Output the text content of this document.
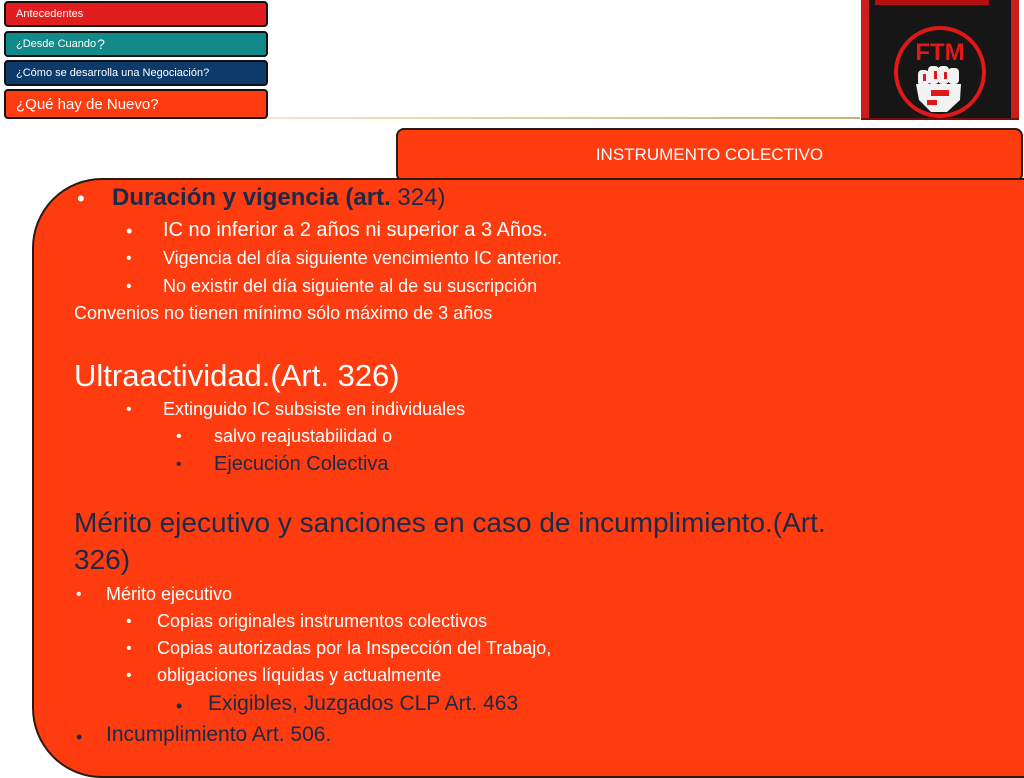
Antecedentes
¿Desde Cuando ?
¿Cómo se desarrolla una Negociación?
¿Qué hay de Nuevo?
FTM
INSTRUMENTO COLECTIVO
• Duración y vigencia (art. 324)
• IC no inferior a 2 años ni superior a 3 Años.
• Vigencia del día siguiente vencimiento IC anterior.
• No existir del día siguiente al de su suscripción
Convenios no tienen mínimo sólo máximo de 3 años
Ultraactividad.(Art. 326)
• Extinguido IC subsiste en individuales
• salvo reajustabilidad o
• Ejecución Colectiva
Mérito ejecutivo y sanciones en caso de incumplimiento.(Art.
326)
• Mérito ejecutivo
• Copias originales instrumentos colectivos
• Copias autorizadas por la Inspección del Trabajo,
• obligaciones líquidas y actualmente
• Exigibles, Juzgados CLP Art. 463
• Incumplimiento Art. 506.
